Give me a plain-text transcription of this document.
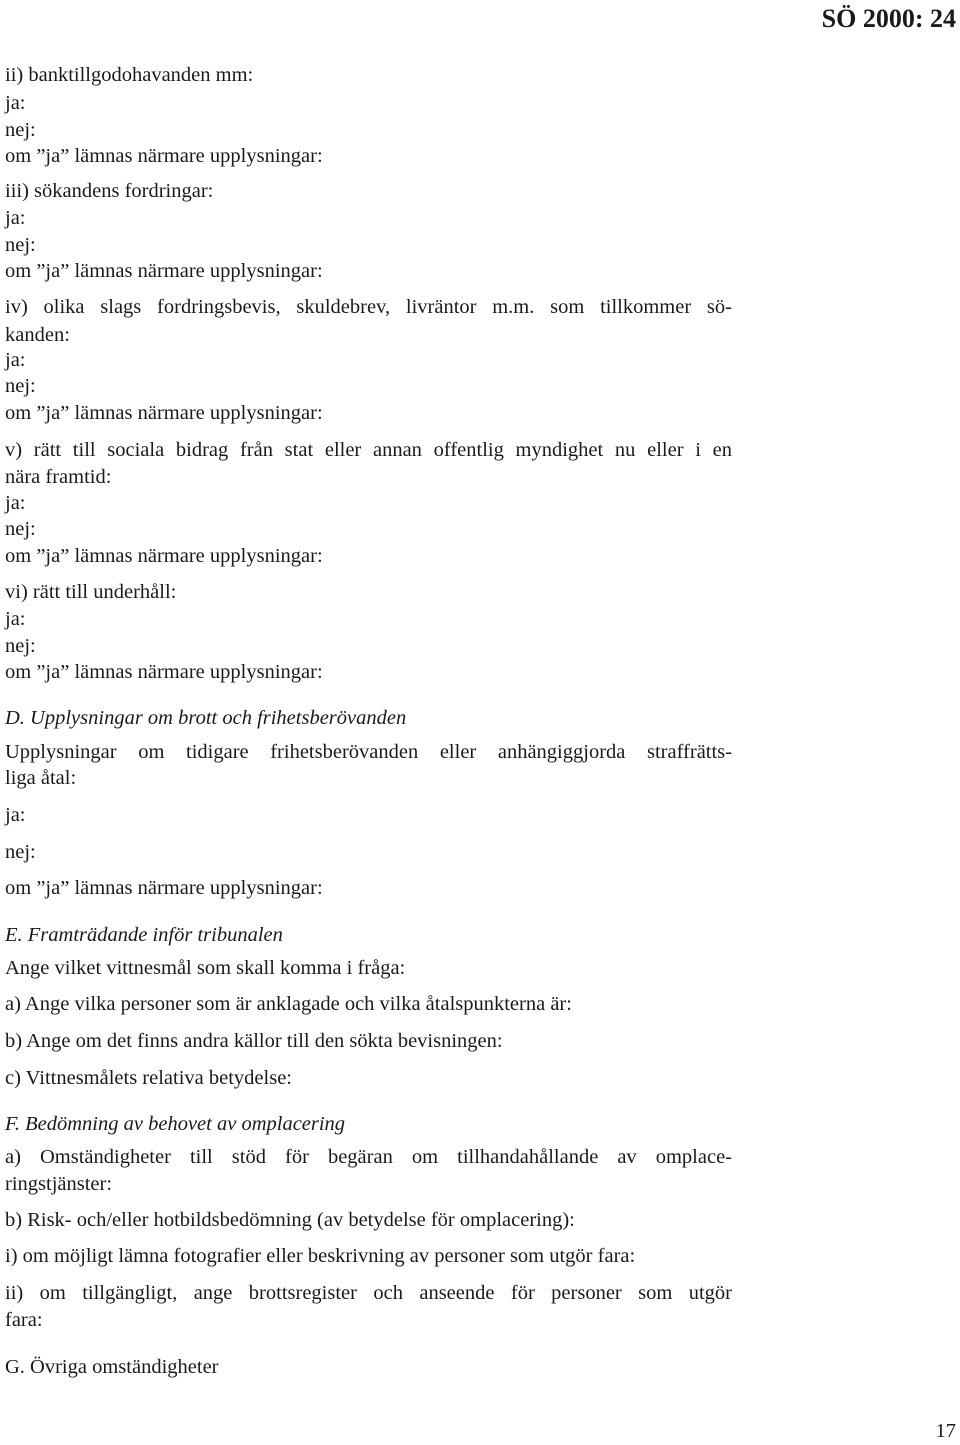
SÖ 2000: 24
ii) banktillgodohavanden mm:
ja:
nej:
om ”ja” lämnas närmare upplysningar:
iii) sökandens fordringar:
ja:
nej:
om ”ja” lämnas närmare upplysningar:
iv) olika slags fordringsbevis, skuldebrev, livräntor m.m. som tillkommer sö-
kanden:
ja:
nej:
om ”ja” lämnas närmare upplysningar:
v) rätt till sociala bidrag från stat eller annan offentlig myndighet nu eller i en
nära framtid:
ja:
nej:
om ”ja” lämnas närmare upplysningar:
vi) rätt till underhåll:
ja:
nej:
om ”ja” lämnas närmare upplysningar:
D. Upplysningar om brott och frihetsberövanden
Upplysningar om tidigare frihetsberövanden eller anhängiggjorda straffrätts-
liga åtal:
ja:
nej:
om ”ja” lämnas närmare upplysningar:
E. Framträdande inför tribunalen
Ange vilket vittnesmål som skall komma i fråga:
a) Ange vilka personer som är anklagade och vilka åtalspunkterna är:
b) Ange om det finns andra källor till den sökta bevisningen:
c) Vittnesmålets relativa betydelse:
F. Bedömning av behovet av omplacering
a) Omständigheter till stöd för begäran om tillhandahållande av omplace-
ringstjänster:
b) Risk- och/eller hotbildsbedömning (av betydelse för omplacering):
i) om möjligt lämna fotografier eller beskrivning av personer som utgör fara:
ii) om tillgängligt, ange brottsregister och anseende för personer som utgör
fara:
G. Övriga omständigheter
17
